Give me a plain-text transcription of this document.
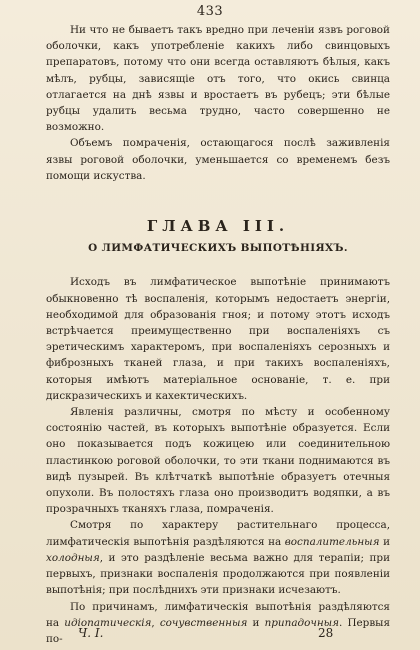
433

Ни что не бываетъ такъ вредно при леченіи язвъ роговой оболочки, какъ употребленіе какихъ либо свинцовыхъ препаратовъ, потому что они всегда оставляютъ бѣлыя, какъ мѣлъ, рубцы, зависящіе отъ того, что окись свинца отлагается на днѣ язвы и вростаетъ въ рубецъ; эти бѣлые рубцы удалить весьма трудно, часто совершенно не возможно.

Объемъ помраченія, остающагося послѣ заживленія язвы роговой оболочки, уменьшается со временемъ безъ помощи искуства.

ГЛАВА III.
О ЛИМФАТИЧЕСКИХЪ ВЫПОТѢНІЯХЪ.

Исходъ въ лимфатическое выпотѣніе принимаютъ обыкновенно тѣ воспаленія, которымъ недостаетъ энергіи, необходимой для образованія гноя; и потому этотъ исходъ встрѣчается преимущественно при воспаленіяхъ съ эретическимъ характеромъ, при воспаленіяхъ серозныхъ и фиброзныхъ тканей глаза, и при такихъ воспаленіяхъ, которыя имѣютъ матеріальное основаніе, т. е. при дискразическихъ и кахектическихъ.

Явленія различны, смотря по мѣсту и особенному состоянію частей, въ которыхъ выпотѣніе образуется. Если оно показывается подъ кожицею или соединительною пластинкою роговой оболочки, то эти ткани поднимаются въ видѣ пузырей. Въ клѣтчаткѣ выпотѣніе образуетъ отечныя опухоли. Въ полостяхъ глаза оно производитъ водяпки, а въ прозрачныхъ тканяхъ глаза, помраченія.

Смотря по характеру растительнаго процесса, лимфатическія выпотѣнія раздѣляются на воспалительныя и холодныя, и это раздѣленіе весьма важно для терапіи; при первыхъ, признаки воспаленія продолжаются при появленіи выпотѣнія; при послѣднихъ эти признаки исчезаютъ.

По причинамъ, лимфатическія выпотѣнія раздѣляются на идіопатическія, сочувственныя и припадочныя. Первыя по-	Ч. I.	28
